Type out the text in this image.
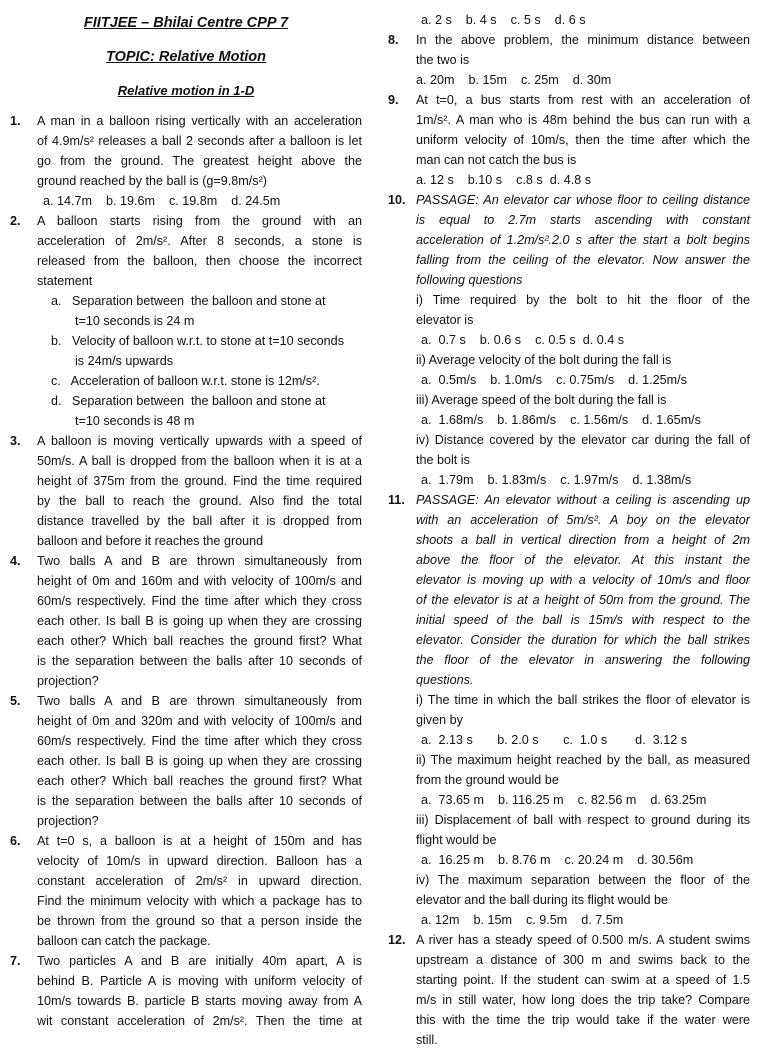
FIITJEE – Bhilai Centre CPP 7
TOPIC: Relative Motion
Relative motion in 1-D
1. A man in a balloon rising vertically with an acceleration
of 4.9m/s² releases a ball 2 seconds after a balloon is let
go from the ground. The greatest height above the
ground reached by the ball is (g=9.8m/s²)
a. 14.7m    b. 19.6m    c. 19.8m    d. 24.5m
2. A balloon starts rising from the ground with an
acceleration of 2m/s². After 8 seconds, a stone is
released from the balloon, then choose the incorrect
statement
a.   Separation between  the balloon and stone at
t=10 seconds is 24 m
b.   Velocity of balloon w.r.t. to stone at t=10 seconds
is 24m/s upwards
c.   Acceleration of balloon w.r.t. stone is 12m/s².
d.   Separation between  the balloon and stone at
t=10 seconds is 48 m
3. A balloon is moving vertically upwards with a speed of
50m/s. A ball is dropped from the balloon when it is at a
height of 375m from the ground. Find the time required
by the ball to reach the ground. Also find the total
distance travelled by the ball after it is dropped from
balloon and before it reaches the ground
4. Two balls A and B are thrown simultaneously from
height of 0m and 160m and with velocity of 100m/s and
60m/s respectively. Find the time after which they cross
each other. Is ball B is going up when they are crossing
each other? Which ball reaches the ground first? What
is the separation between the balls after 10 seconds of
projection?
5. Two balls A and B are thrown simultaneously from
height of 0m and 320m and with velocity of 100m/s and
60m/s respectively. Find the time after which they cross
each other. Is ball B is going up when they are crossing
each other? Which ball reaches the ground first? What
is the separation between the balls after 10 seconds of
projection?
6. At t=0 s, a balloon is at a height of 150m and has
velocity of 10m/s in upward direction. Balloon has a
constant acceleration of 2m/s² in upward direction.
Find the minimum velocity with which a package has to
be thrown from the ground so that a person inside the
balloon can catch the package.
7. Two particles A and B are initially 40m apart, A is
behind B. Particle A is moving with uniform velocity of
10m/s towards B. particle B starts moving away from A
wit constant acceleration of 2m/s². Then the time at
a. 2 s    b. 4 s    c. 5 s    d. 6 s
8. In the above problem, the minimum distance between
the two is
a. 20m    b. 15m    c. 25m    d. 30m
9. At t=0, a bus starts from rest with an acceleration of
1m/s². A man who is 48m behind the bus can run with a
uniform velocity of 10m/s, then the time after which the
man can not catch the bus is
a. 12 s    b.10 s    c.8 s  d. 4.8 s
10. PASSAGE: An elevator car whose floor to ceiling distance
is equal to 2.7m starts ascending with constant
acceleration of 1.2m/s².2.0 s after the start a bolt begins
falling from the ceiling of the elevator. Now answer the
following questions
i) Time required by the bolt to hit the floor of the
elevator is
a.  0.7 s    b. 0.6 s    c. 0.5 s  d. 0.4 s
ii) Average velocity of the bolt during the fall is
a.  0.5m/s    b. 1.0m/s    c. 0.75m/s    d. 1.25m/s
iii) Average speed of the bolt during the fall is
a.  1.68m/s    b. 1.86m/s    c. 1.56m/s    d. 1.65m/s
iv) Distance covered by the elevator car during the fall of
the bolt is
a.  1.79m    b. 1.83m/s    c. 1.97m/s    d. 1.38m/s
11. PASSAGE: An elevator without a ceiling is ascending up
with an acceleration of 5m/s². A boy on the elevator
shoots a ball in vertical direction from a height of 2m
above the floor of the elevator. At this instant the
elevator is moving up with a velocity of 10m/s and floor
of the elevator is at a height of 50m from the ground. The
initial speed of the ball is 15m/s with respect to the
elevator. Consider the duration for which the ball strikes
the floor of the elevator in answering the following
questions.
i) The time in which the ball strikes the floor of elevator is
given by
a.  2.13 s       b. 2.0 s       c.  1.0 s        d.  3.12 s
ii) The maximum height reached by the ball, as measured
from the ground would be
a.  73.65 m    b. 116.25 m    c. 82.56 m    d. 63.25m
iii) Displacement of ball with respect to ground during its
flight would be
a.  16.25 m    b. 8.76 m    c. 20.24 m    d. 30.56m
iv) The maximum separation between the floor of the
elevator and the ball during its flight would be
a. 12m    b. 15m    c. 9.5m    d. 7.5m
12. A river has a steady speed of 0.500 m/s. A student swims
upstream a distance of 300 m and swims back to the
starting point. If the student can swim at a speed of 1.5
m/s in still water, how long does the trip take? Compare
this with the time the trip would take if the water were
still.
